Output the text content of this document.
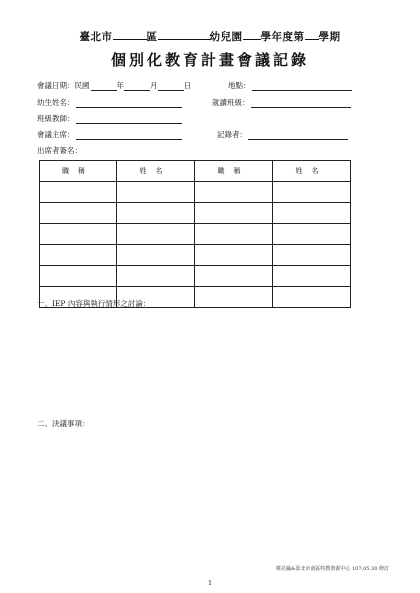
臺北市	區	幼兒園 學年度第 學期
個別化教育計畫會議記錄
會議日期：民國	年	月	日	地點：
幼生姓名：	就讀班級：
班級教師：
會議主席：	記錄者：
出席者簽名：
職稱	姓名	職稱	姓名

一、IEP 內容與執行情形之討論：
二、決議事項：
蔡昆瀛&臺北市南區特教資源中心 107.05.30 修訂
1
